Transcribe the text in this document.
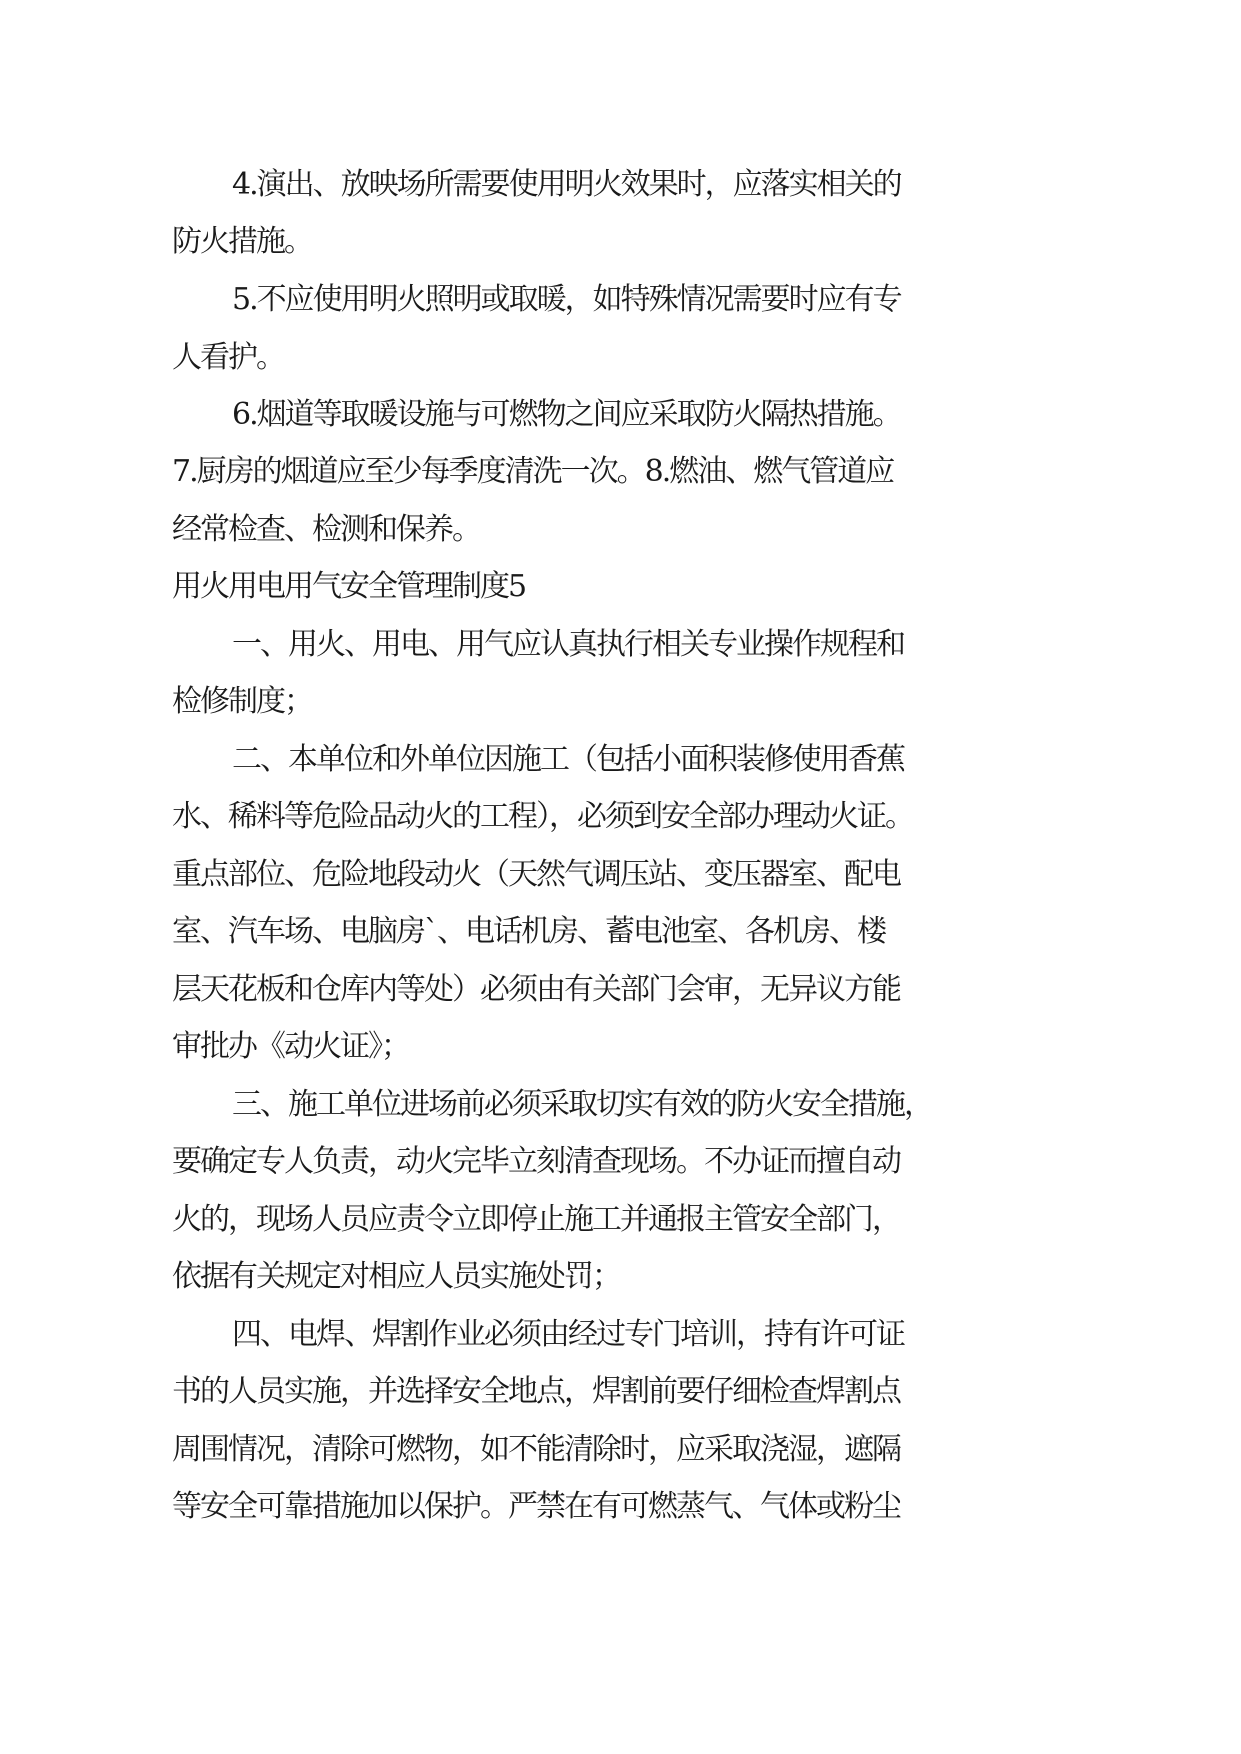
4.演出、放映场所需要使用明火效果时，应落实相关的
防火措施。
5.不应使用明火照明或取暖，如特殊情况需要时应有专
人看护。
6.烟道等取暖设施与可燃物之间应采取防火隔热措施。
7.厨房的烟道应至少每季度清洗一次。8.燃油、燃气管道应
经常检查、检测和保养。
用火用电用气安全管理制度5
一、用火、用电、用气应认真执行相关专业操作规程和
检修制度；
二、本单位和外单位因施工（包括小面积装修使用香蕉
水、稀料等危险品动火的工程），必须到安全部办理动火证。
重点部位、危险地段动火（天然气调压站、变压器室、配电
室、汽车场、电脑房`、电话机房、蓄电池室、各机房、楼
层天花板和仓库内等处）必须由有关部门会审，无异议方能
审批办《动火证》；
三、施工单位进场前必须采取切实有效的防火安全措施，
要确定专人负责，动火完毕立刻清查现场。不办证而擅自动
火的，现场人员应责令立即停止施工并通报主管安全部门，
依据有关规定对相应人员实施处罚；
四、电焊、焊割作业必须由经过专门培训，持有许可证
书的人员实施，并选择安全地点，焊割前要仔细检查焊割点
周围情况，清除可燃物，如不能清除时，应采取浇湿，遮隔
等安全可靠措施加以保护。严禁在有可燃蒸气、气体或粉尘
